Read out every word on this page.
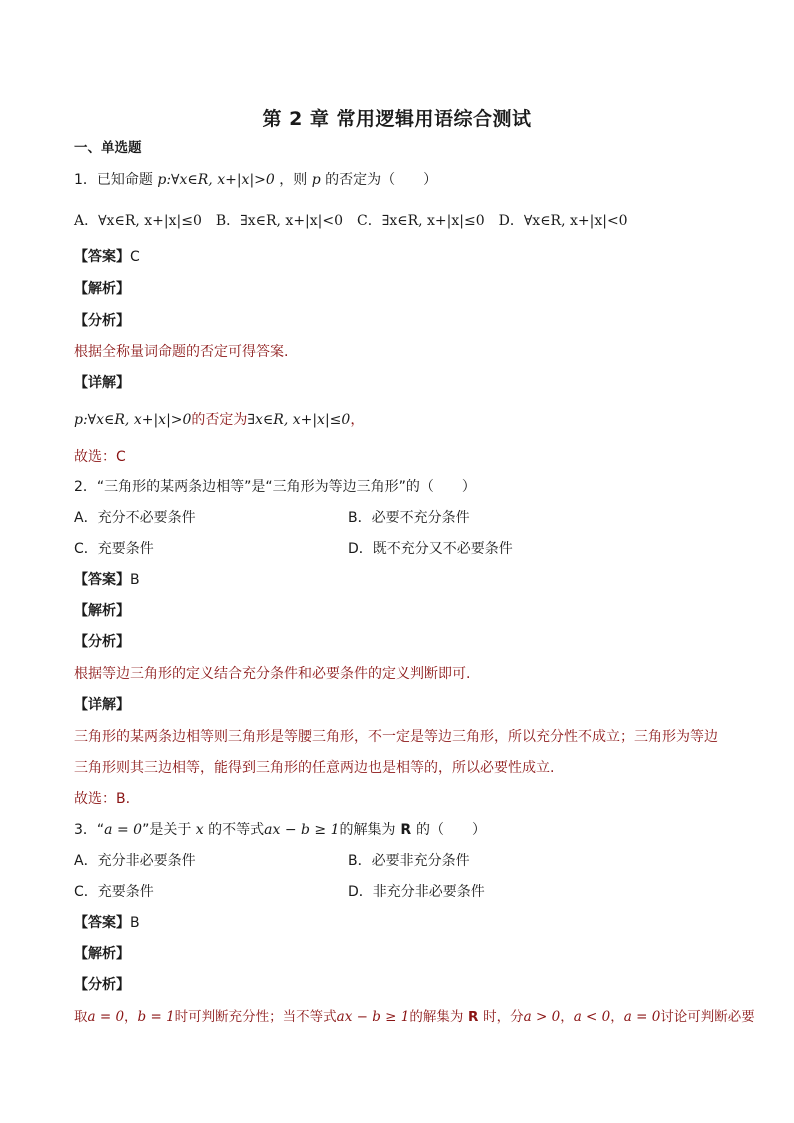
第 2 章 常用逻辑用语综合测试
一、单选题
1．已知命题 p:∀x∈R, x+|x|>0 ，则 p 的否定为（　　）
A．∀x∈R, x+|x|≤0　B．∃x∈R, x+|x|<0　C．∃x∈R, x+|x|≤0　D．∀x∈R, x+|x|<0
【答案】C
【解析】
【分析】
根据全称量词命题的否定可得答案.
【详解】
p:∀x∈R, x+|x|>0的否定为∃x∈R, x+|x|≤0，
故选：C
2．“三角形的某两条边相等”是“三角形为等边三角形”的（　　）
A．充分不必要条件	B．必要不充分条件
C．充要条件	D．既不充分又不必要条件
【答案】B
【解析】
【分析】
根据等边三角形的定义结合充分条件和必要条件的定义判断即可.
【详解】
三角形的某两条边相等则三角形是等腰三角形，不一定是等边三角形，所以充分性不成立；三角形为等边
三角形则其三边相等，能得到三角形的任意两边也是相等的，所以必要性成立.
故选：B.
3．“a = 0”是关于 x 的不等式ax − b ≥ 1的解集为 R 的（　　）
A．充分非必要条件	B．必要非充分条件
C．充要条件	D．非充分非必要条件
【答案】B
【解析】
【分析】
取a = 0，b = 1时可判断充分性；当不等式ax − b ≥ 1的解集为 R 时，分a > 0，a < 0，a = 0讨论可判断必要
